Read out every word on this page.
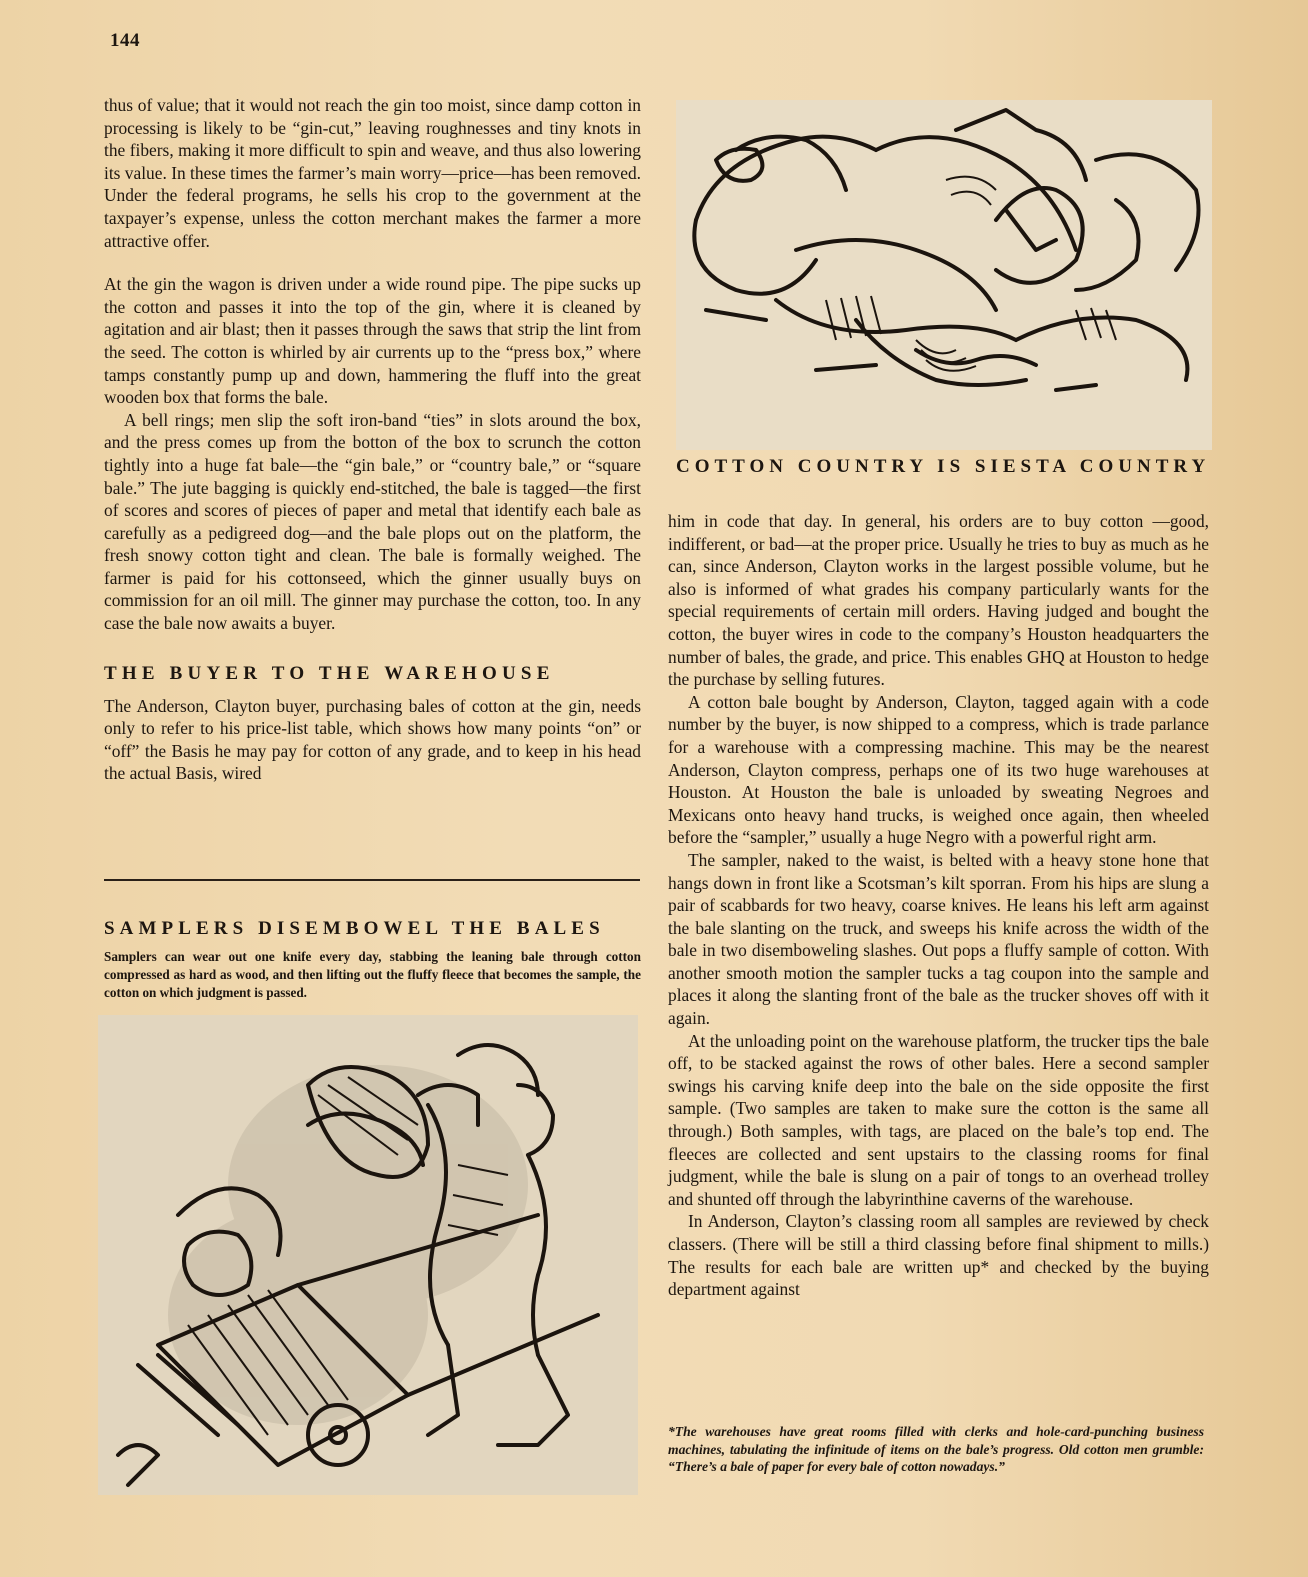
144

thus of value; that it would not reach the gin too moist, since damp cotton in processing is likely to be “gin-cut,” leaving roughnesses and tiny knots in the fibers, making it more difficult to spin and weave, and thus also lowering its value. In these times the farmer’s main worry—price—has been removed. Under the federal programs, he sells his crop to the government at the taxpayer’s expense, unless the cotton merchant makes the farmer a more attractive offer.

At the gin the wagon is driven under a wide round pipe. The pipe sucks up the cotton and passes it into the top of the gin, where it is cleaned by agitation and air blast; then it passes through the saws that strip the lint from the seed. The cotton is whirled by air currents up to the “press box,” where tamps constantly pump up and down, hammering the fluff into the great wooden box that forms the bale.

A bell rings; men slip the soft iron-band “ties” in slots around the box, and the press comes up from the botton of the box to scrunch the cotton tightly into a huge fat bale—the “gin bale,” or “country bale,” or “square bale.” The jute bagging is quickly end-stitched, the bale is tagged—the first of scores and scores of pieces of paper and metal that identify each bale as carefully as a pedigreed dog—and the bale plops out on the platform, the fresh snowy cotton tight and clean. The bale is formally weighed. The farmer is paid for his cottonseed, which the ginner usually buys on commission for an oil mill. The ginner may purchase the cotton, too. In any case the bale now awaits a buyer.

THE BUYER TO THE WAREHOUSE

The Anderson, Clayton buyer, purchasing bales of cotton at the gin, needs only to refer to his price-list table, which shows how many points “on” or “off” the Basis he may pay for cotton of any grade, and to keep in his head the actual Basis, wired

SAMPLERS DISEMBOWEL THE BALES
Samplers can wear out one knife every day, stabbing the leaning bale through cotton compressed as hard as wood, and then lifting out the fluffy fleece that becomes the sample, the cotton on which judgment is passed.
COTTON COUNTRY IS SIESTA COUNTRY

him in code that day. In general, his orders are to buy cotton —good, indifferent, or bad—at the proper price. Usually he tries to buy as much as he can, since Anderson, Clayton works in the largest possible volume, but he also is informed of what grades his company particularly wants for the special requirements of certain mill orders. Having judged and bought the cotton, the buyer wires in code to the company’s Houston headquarters the number of bales, the grade, and price. This enables GHQ at Houston to hedge the purchase by selling futures.

A cotton bale bought by Anderson, Clayton, tagged again with a code number by the buyer, is now shipped to a compress, which is trade parlance for a warehouse with a compressing machine. This may be the nearest Anderson, Clayton compress, perhaps one of its two huge warehouses at Houston. At Houston the bale is unloaded by sweating Negroes and Mexicans onto heavy hand trucks, is weighed once again, then wheeled before the “sampler,” usually a huge Negro with a powerful right arm.

The sampler, naked to the waist, is belted with a heavy stone hone that hangs down in front like a Scotsman’s kilt sporran. From his hips are slung a pair of scabbards for two heavy, coarse knives. He leans his left arm against the bale slanting on the truck, and sweeps his knife across the width of the bale in two disemboweling slashes. Out pops a fluffy sample of cotton. With another smooth motion the sampler tucks a tag coupon into the sample and places it along the slanting front of the bale as the trucker shoves off with it again.

At the unloading point on the warehouse platform, the trucker tips the bale off, to be stacked against the rows of other bales. Here a second sampler swings his carving knife deep into the bale on the side opposite the first sample. (Two samples are taken to make sure the cotton is the same all through.) Both samples, with tags, are placed on the bale’s top end. The fleeces are collected and sent upstairs to the classing rooms for final judgment, while the bale is slung on a pair of tongs to an overhead trolley and shunted off through the labyrinthine caverns of the warehouse.

In Anderson, Clayton’s classing room all samples are reviewed by check classers. (There will be still a third classing before final shipment to mills.) The results for each bale are written up* and checked by the buying department against

*The warehouses have great rooms filled with clerks and hole-card-punching business machines, tabulating the infinitude of items on the bale’s progress. Old cotton men grumble: “There’s a bale of paper for every bale of cotton nowadays.”
